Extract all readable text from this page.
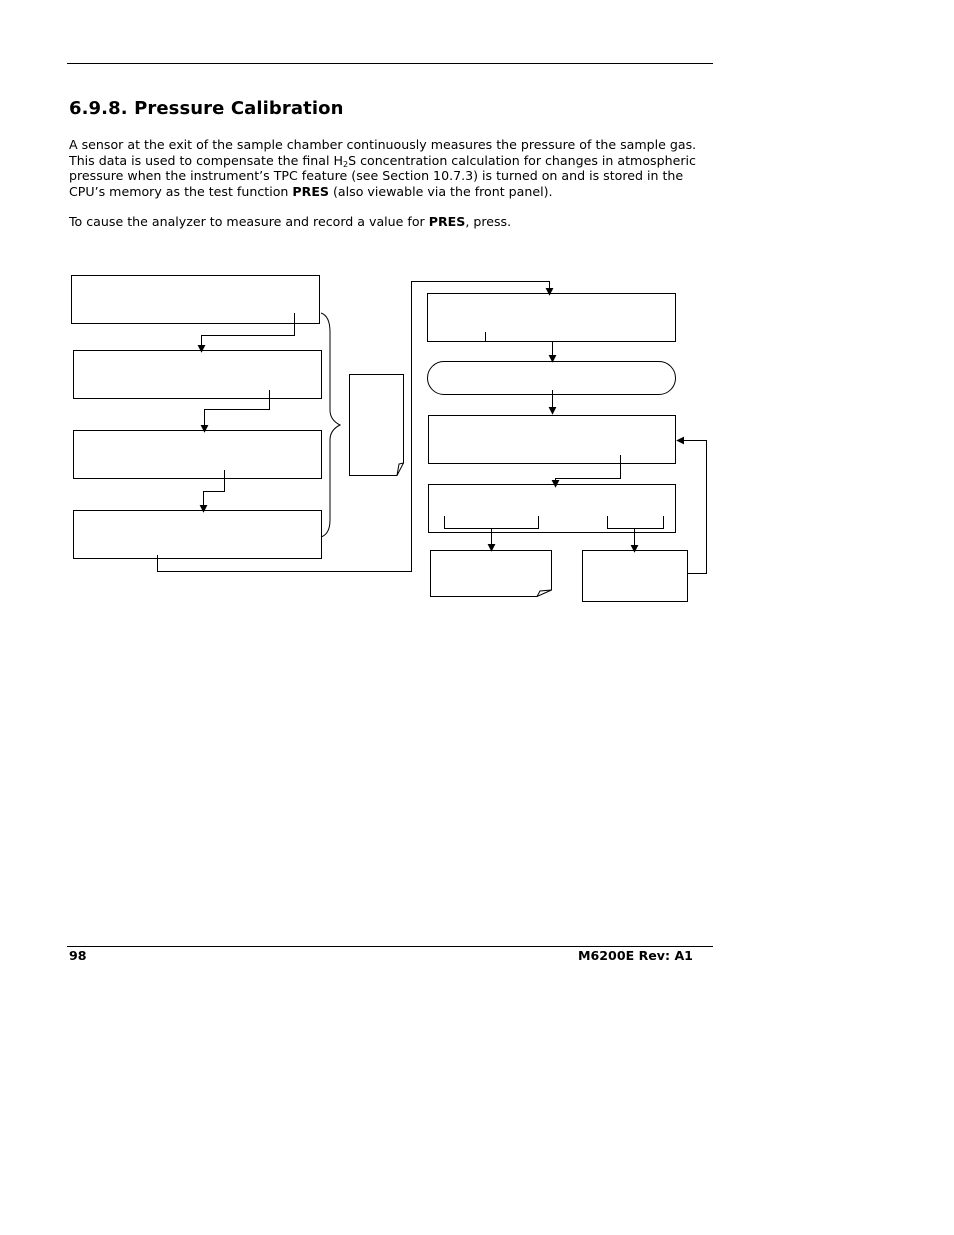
6.9.8. Pressure Calibration

A sensor at the exit of the sample chamber continuously measures the pressure of the sample gas. This data is used to compensate the final $H_2S$ concentration calculation for changes in atmospheric pressure when the instrument’s TPC feature (see Section 10.7.3) is turned on and is stored in the CPU’s memory as the test function PRES (also viewable via the front panel).

To cause the analyzer to measure and record a value for PRES, press.

98	M6200E Rev: A1
